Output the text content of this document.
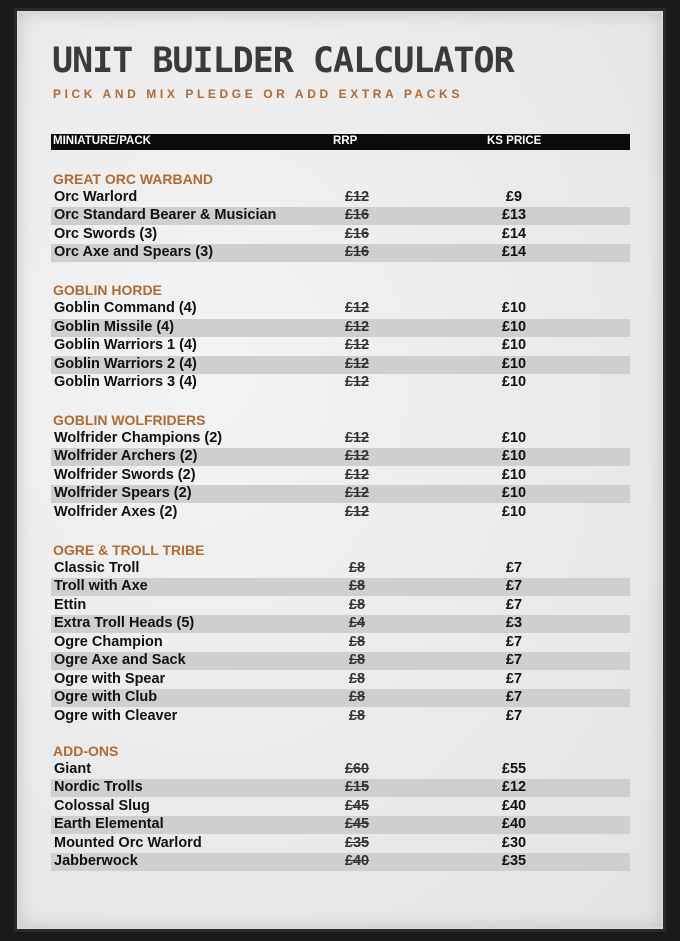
UNIT BUILDER CALCULATOR

PICK AND MIX PLEDGE OR ADD EXTRA PACKS

MINIATURE/PACK	RRP	KS PRICE
GREAT ORC WARBAND
Orc Warlord	£12	£9
Orc Standard Bearer & Musician	£16	£13
Orc Swords (3)	£16	£14
Orc Axe and Spears (3)	£16	£14
GOBLIN HORDE
Goblin Command (4)	£12	£10
Goblin Missile (4)	£12	£10
Goblin Warriors 1 (4)	£12	£10
Goblin Warriors 2 (4)	£12	£10
Goblin Warriors 3 (4)	£12	£10
GOBLIN WOLFRIDERS
Wolfrider Champions (2)	£12	£10
Wolfrider Archers (2)	£12	£10
Wolfrider Swords (2)	£12	£10
Wolfrider Spears (2)	£12	£10
Wolfrider Axes (2)	£12	£10
OGRE & TROLL TRIBE
Classic Troll	£8	£7
Troll with Axe	£8	£7
Ettin	£8	£7
Extra Troll Heads (5)	£4	£3
Ogre Champion	£8	£7
Ogre Axe and Sack	£8	£7
Ogre with Spear	£8	£7
Ogre with Club	£8	£7
Ogre with Cleaver	£8	£7
ADD-ONS
Giant	£60	£55
Nordic Trolls	£15	£12
Colossal Slug	£45	£40
Earth Elemental	£45	£40
Mounted Orc Warlord	£35	£30
Jabberwock	£40	£35
